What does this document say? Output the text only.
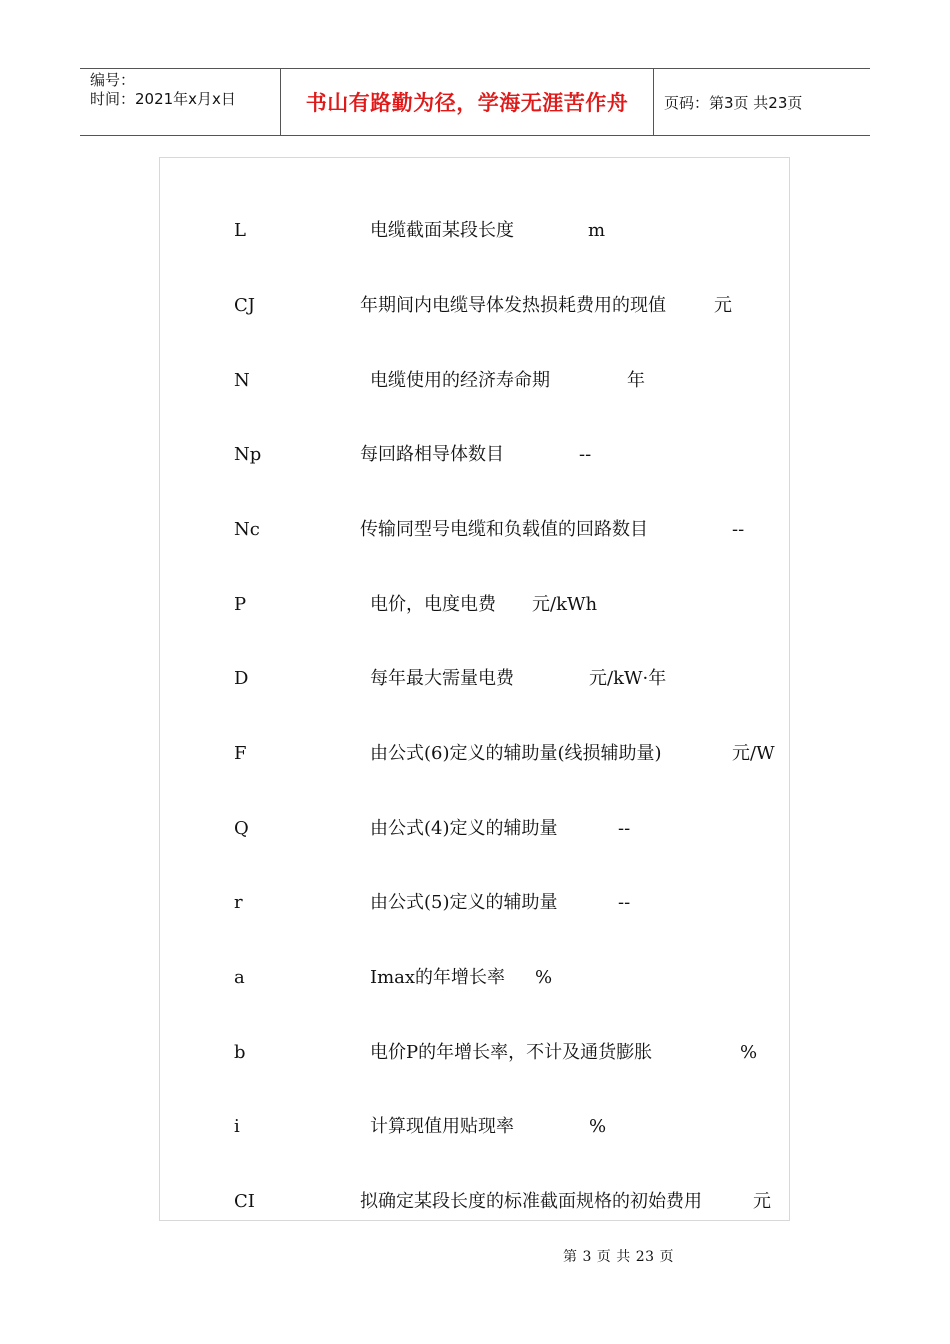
编号：
时间：2021年x月x日	书山有路勤为径，学海无涯苦作舟 页码：第3页 共23页
L	电缆截面某段长度	m
CJ	年期间内电缆导体发热损耗费用的现值	元
N	电缆使用的经济寿命期	年
Np	每回路相导体数目	--
Nc	传输同型号电缆和负载值的回路数目	--
P	电价，电度电费 元/kWh
D	每年最大需量电费	元/kW·年
F	由公式(6)定义的辅助量(线损辅助量)	元/W
Q	由公式(4)定义的辅助量	--
r	由公式(5)定义的辅助量	--
a	Imax的年增长率 %
b	电价P的年增长率，不计及通货膨胀	%
i	计算现值用贴现率	%
CI	拟确定某段长度的标准截面规格的初始费用	元
第 3 页 共 23 页
